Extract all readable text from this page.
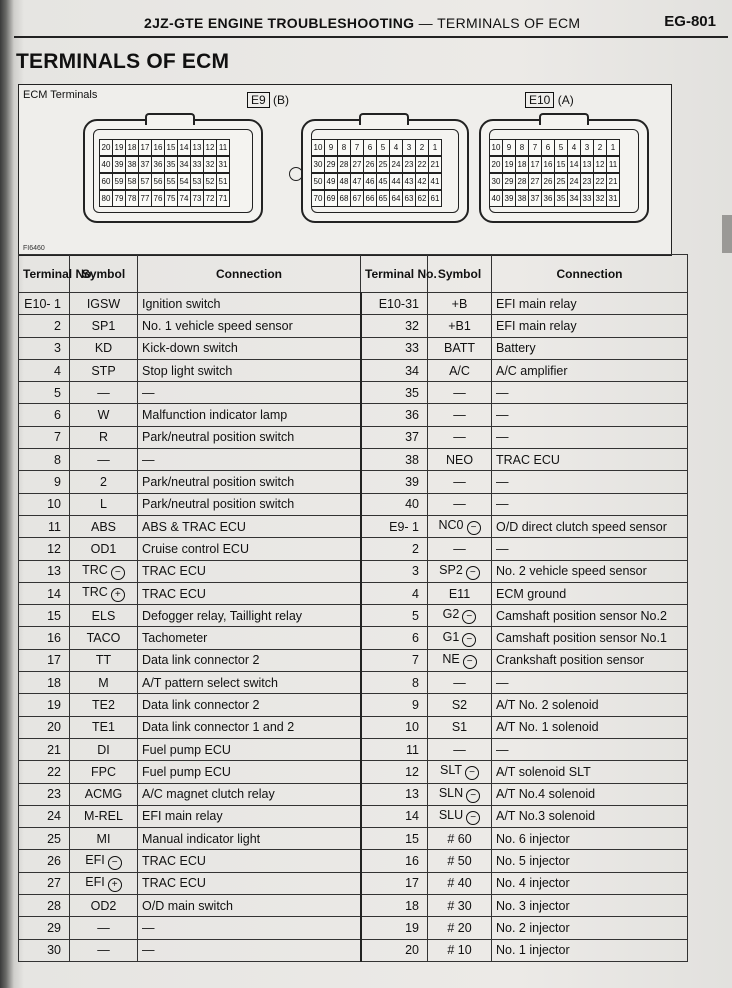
2JZ-GTE ENGINE TROUBLESHOOTING — TERMINALS OF ECM	EG-801
TERMINALS OF ECM
ECM Terminals	E9 (B)	E10 (A)
20 19 18 17 16 15 14 13 12 11
40 39 38 37 36 35 34 33 32 31
60 59 58 57 56 55 54 53 52 51
80 79 78 77 76 75 74 73 72 71
10 9	8	7	6	5	4	3	2	1
30 29 28 27 26 25 24 23 22 21
50 49 48 47 46 45 44 43 42 41
70 69 68 67 66 65 64 63 62 61
10 9	8	7	6	5	4	3	2	1
20 19 18 17 16 15 14 13 12 11
30 29 28 27 26 25 24 23 22 21
40 39 38 37 36 35 34 33 32 31
FI6460
Terminal No.	Symbol	Connection	Terminal No.	Symbol	Connection
E10- 1	IGSW	Ignition switch	E10-31	+B	EFI main relay
2	SP1	No. 1 vehicle speed sensor	32	+B1	EFI main relay
3	KD	Kick-down switch	33	BATT	Battery
4	STP	Stop light switch	34	A/C	A/C amplifier
5	—	—	35	—	—
6	W	Malfunction indicator lamp	36	—	—
7	R	Park/neutral position switch	37	—	—
8	—	—	38	NEO	TRAC ECU
9	2	Park/neutral position switch	39	—	—
10	L	Park/neutral position switch	40	—	—
11	ABS	ABS & TRAC ECU	E9- 1	NC0 −	O/D direct clutch speed sensor
12	OD1	Cruise control ECU	2	—	—
13	TRC −	TRAC ECU	3	SP2 −	No. 2 vehicle speed sensor
14	TRC +	TRAC ECU	4	E11	ECM ground
15	ELS	Defogger relay, Taillight relay	5	G2 −	Camshaft position sensor No.2
16	TACO	Tachometer	6	G1 −	Camshaft position sensor No.1
17	TT	Data link connector 2	7	NE −	Crankshaft position sensor
18	M	A/T pattern select switch	8	—	—
19	TE2	Data link connector 2	9	S2	A/T No. 2 solenoid
20	TE1	Data link connector 1 and 2	10	S1	A/T No. 1 solenoid
21	DI	Fuel pump ECU	11	—	—
22	FPC	Fuel pump ECU	12	SLT −	A/T solenoid SLT
23	ACMG	A/C magnet clutch relay	13	SLN −	A/T No.4 solenoid
24	M-REL	EFI main relay	14	SLU −	A/T No.3 solenoid
25	MI	Manual indicator light	15	# 60	No. 6 injector
26	EFI −	TRAC ECU	16	# 50	No. 5 injector
27	EFI +	TRAC ECU	17	# 40	No. 4 injector
28	OD2	O/D main switch	18	# 30	No. 3 injector
29	—	—	19	# 20	No. 2 injector
30	—	—	20	# 10	No. 1 injector
